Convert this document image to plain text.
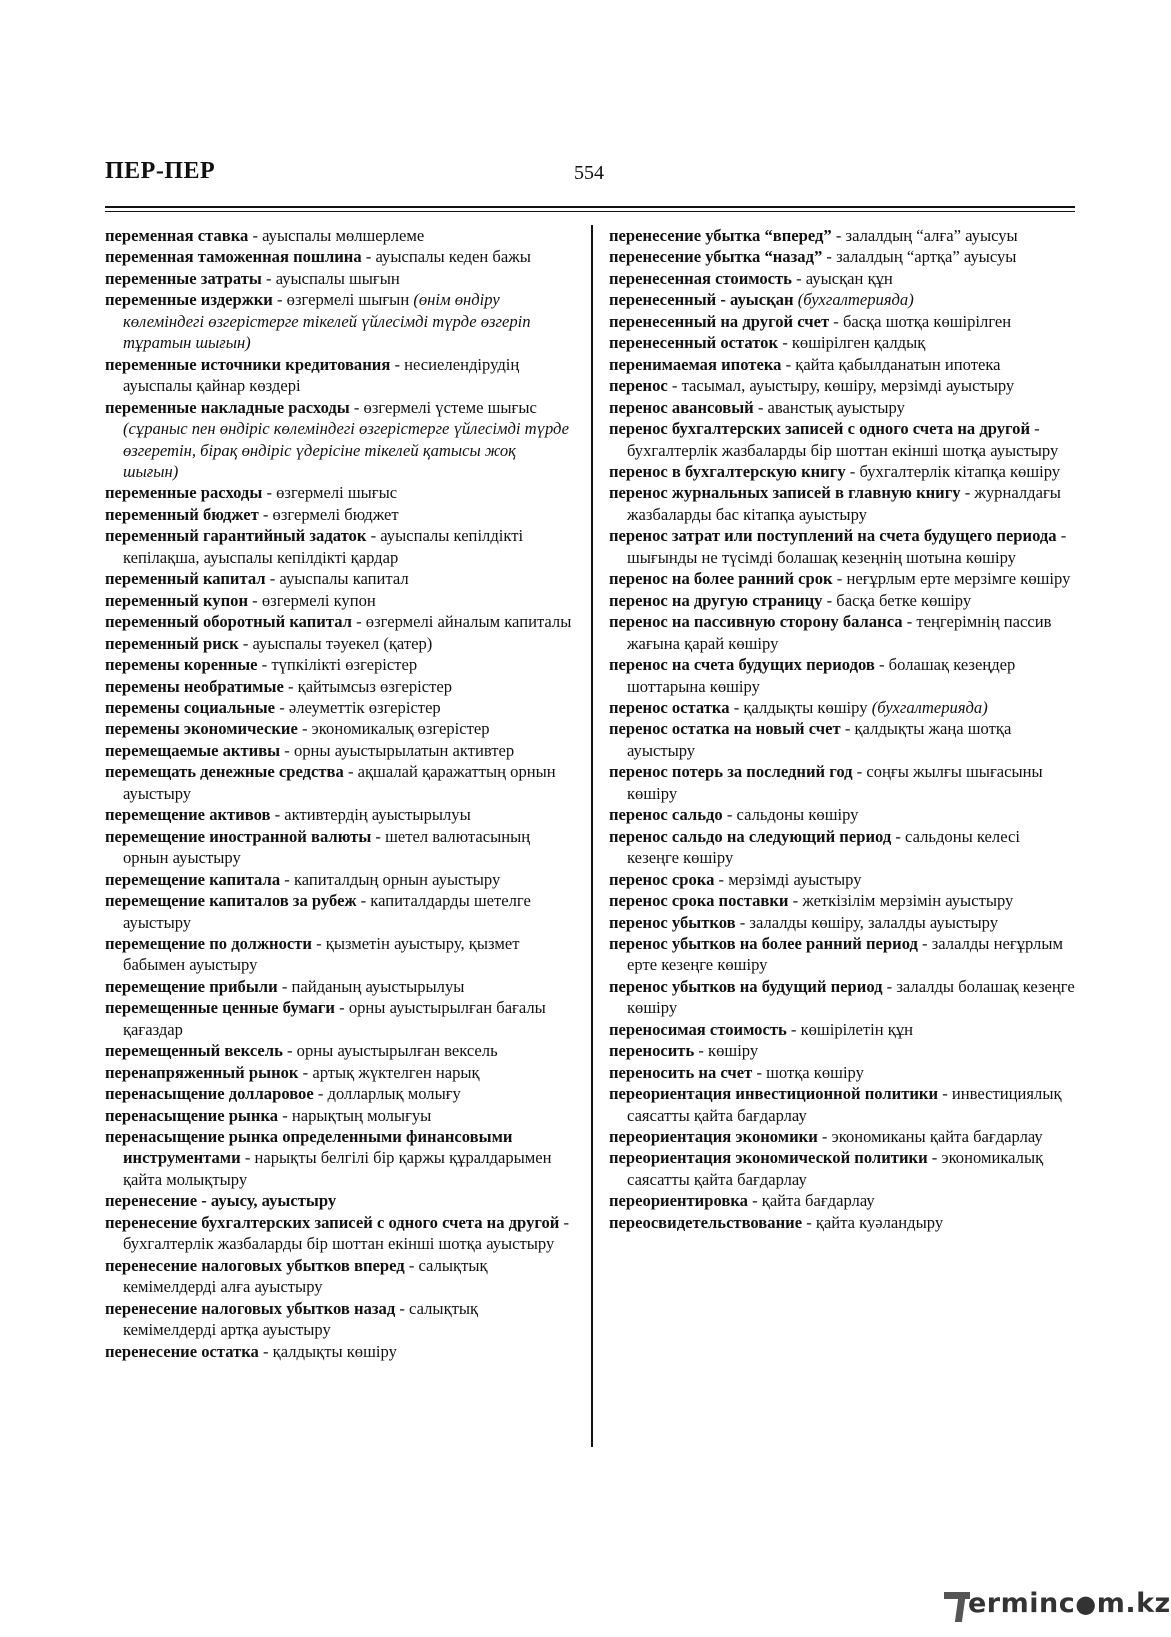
ПЕР-ПЕР	554

переменная ставка - ауыспалы мөлшерлеме

переменная таможенная пошлина - ауыспалы кеден бажы

переменные затраты - ауыспалы шығын

переменные издержки - өзгермелі шығын (өнім өндіру көлеміндегі өзгерістерге тікелей үйлесімді түрде өзгеріп тұратын шығын)

переменные источники кредитования - несиелендірудің ауыспалы қайнар көздері

переменные накладные расходы - өзгермелі үстеме шығыс (сұраныс пен өндіріс көлеміндегі өзгерістерге үйлесімді түрде өзгеретін, бірақ өндіріс үдерісіне тікелей қатысы жоқ шығын)

переменные расходы - өзгермелі шығыс

переменный бюджет - өзгермелі бюджет

переменный гарантийный задаток - ауыспалы кепілдікті кепілақша, ауыспалы кепілдікті қардар

переменный капитал - ауыспалы капитал

переменный купон - өзгермелі купон

переменный оборотный капитал - өзгермелі айналым капиталы

переменный риск - ауыспалы тәуекел (қатер)

перемены коренные - түпкілікті өзгерістер

перемены необратимые - қайтымсыз өзгерістер

перемены социальные - әлеуметтік өзгерістер

перемены экономические - экономикалық өзгерістер

перемещаемые активы - орны ауыстырылатын активтер

перемещать денежные средства - ақшалай қаражаттың орнын ауыстыру

перемещение активов - активтердің ауыстырылуы

перемещение иностранной валюты - шетел валютасының орнын ауыстыру

перемещение капитала - капиталдың орнын ауыстыру

перемещение капиталов за рубеж - капиталдарды шетелге ауыстыру

перемещение по должности - қызметін ауыстыру, қызмет бабымен ауыстыру

перемещение прибыли - пайданың ауыстырылуы

перемещенные ценные бумаги - орны ауыстырылған бағалы қағаздар

перемещенный вексель - орны ауыстырылған вексель

перенапряженный рынок - артық жүктелген нарық

перенасыщение долларовое - долларлық молығу

перенасыщение рынка - нарықтың молығуы

перенасыщение рынка определенными финансовыми инструментами - нарықты белгілі бір қаржы құралдарымен қайта молықтыру

перенесение - ауысу, ауыстыру

перенесение бухгалтерских записей с одного счета на другой - бухгалтерлік жазбаларды бір шоттан екінші шотқа ауыстыру

перенесение налоговых убытков вперед - салықтық кемімелдерді алға ауыстыру

перенесение налоговых убытков назад - салықтық кемімелдерді артқа ауыстыру

перенесение остатка - қалдықты көшіру

перенесение убытка “вперед” - залалдың “алға” ауысуы

перенесение убытка “назад” - залалдың “артқа” ауысуы

перенесенная стоимость - ауысқан құн

перенесенный - ауысқан (бухгалтерияда)

перенесенный на другой счет - басқа шотқа көшірілген

перенесенный остаток - көшірілген қалдық

перенимаемая ипотека - қайта қабылданатын ипотека

перенос - тасымал, ауыстыру, көшіру, мерзімді ауыстыру

перенос авансовый - аванстық ауыстыру

перенос бухгалтерских записей с одного счета на другой - бухгалтерлік жазбаларды бір шоттан екінші шотқа ауыстыру

перенос в бухгалтерскую книгу - бухгалтерлік кітапқа көшіру

перенос журнальных записей в главную книгу - журналдағы жазбаларды бас кітапқа ауыстыру

перенос затрат или поступлений на счета будущего периода - шығынды не түсімді болашақ кезеңнің шотына көшіру

перенос на более ранний срок - неғұрлым ерте мерзімге көшіру

перенос на другую страницу - басқа бетке көшіру

перенос на пассивную сторону баланса - теңгерімнің пассив жағына қарай көшіру

перенос на счета будущих периодов - болашақ кезеңдер шоттарына көшіру

перенос остатка - қалдықты көшіру (бухгалтерияда)

перенос остатка на новый счет - қалдықты жаңа шотқа ауыстыру

перенос потерь за последний год - соңғы жылғы шығасыны көшіру

перенос сальдо - сальдоны көшіру

перенос сальдо на следующий период - сальдоны келесі кезеңге көшіру

перенос срока - мерзімді ауыстыру

перенос срока поставки - жеткізілім мерзімін ауыстыру

перенос убытков - залалды көшіру, залалды ауыстыру

перенос убытков на более ранний период - залалды неғұрлым ерте кезеңге көшіру

перенос убытков на будущий период - залалды болашақ кезеңге көшіру

переносимая стоимость - көшірілетін құн

переносить - көшіру

переносить на счет - шотқа көшіру

переориентация инвестиционной политики - инвестициялық саясатты қайта бағдарлау

переориентация экономики - экономиканы қайта бағдарлау

переориентация экономической политики - экономикалық саясатты қайта бағдарлау

переориентировка - қайта бағдарлау

переосвидетельствование - қайта куәландыру

erminc●m.kz
